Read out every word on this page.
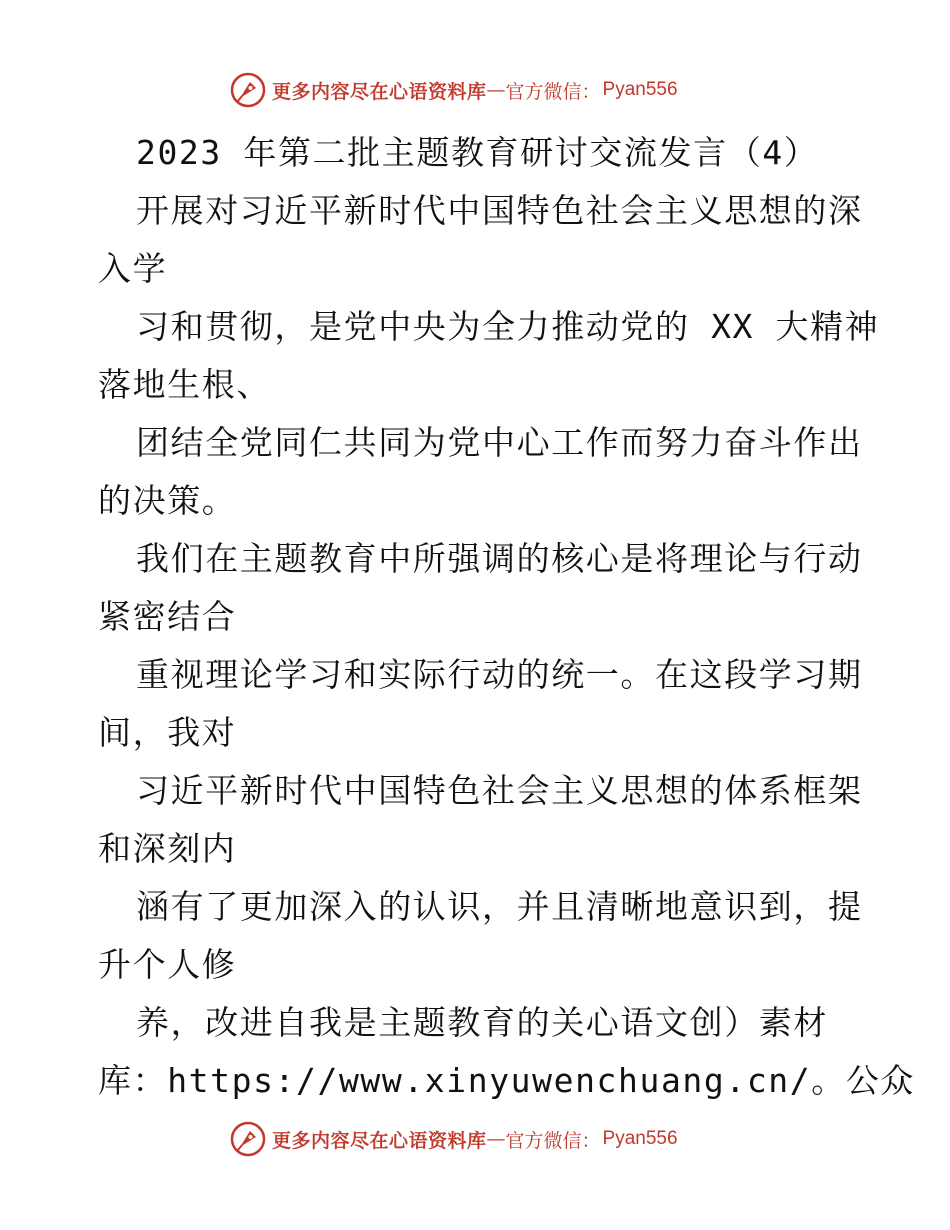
更多内容尽在心语资料库 — 官方微信： Pyan556
2023 年第二批主题教育研讨交流发言（4）
开展对习近平新时代中国特色社会主义思想的深
入学
习和贯彻，是党中央为全力推动党的 XX 大精神
落地生根、
团结全党同仁共同为党中心工作而努力奋斗作出
的决策。
我们在主题教育中所强调的核心是将理论与行动
紧密结合
重视理论学习和实际行动的统一。在这段学习期
间，我对
习近平新时代中国特色社会主义思想的体系框架
和深刻内
涵有了更加深入的认识，并且清晰地意识到，提
升个人修
养，改进自我是主题教育的关心语文创）素材
库：https://www.xinyuwenchuang.cn/。公众
更多内容尽在心语资料库 — 官方微信： Pyan556
